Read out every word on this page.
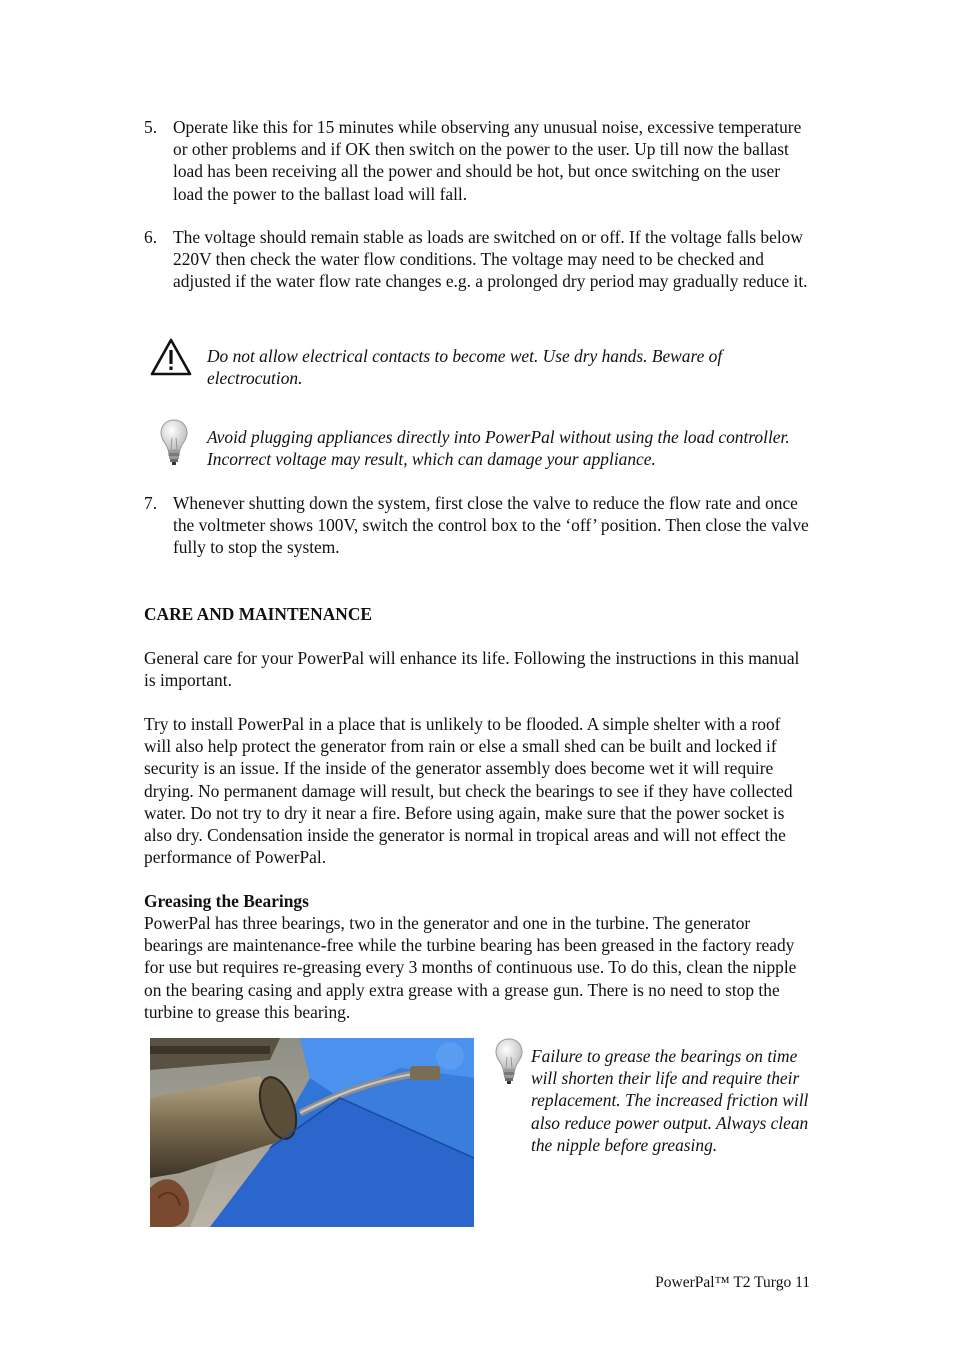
5. Operate like this for 15 minutes while observing any unusual noise, excessive temperature or other problems and if OK then switch on the power to the user. Up till now the ballast load has been receiving all the power and should be hot, but once switching on the user load the power to the ballast load will fall.

6. The voltage should remain stable as loads are switched on or off. If the voltage falls below 220V then check the water flow conditions. The voltage may need to be checked and adjusted if the water flow rate changes e.g. a prolonged dry period may gradually reduce it.

Do not allow electrical contacts to become wet. Use dry hands. Beware of electrocution.

Avoid plugging appliances directly into PowerPal without using the load controller. Incorrect voltage may result, which can damage your appliance.

7. Whenever shutting down the system, first close the valve to reduce the flow rate and once the voltmeter shows 100V, switch the control box to the ‘off’ position. Then close the valve fully to stop the system.

CARE AND MAINTENANCE

General care for your PowerPal will enhance its life. Following the instructions in this manual is important.

Try to install PowerPal in a place that is unlikely to be flooded. A simple shelter with a roof will also help protect the generator from rain or else a small shed can be built and locked if security is an issue. If the inside of the generator assembly does become wet it will require drying. No permanent damage will result, but check the bearings to see if they have collected water. Do not try to dry it near a fire. Before using again, make sure that the power socket is also dry. Condensation inside the generator is normal in tropical areas and will not effect the performance of PowerPal.

Greasing the Bearings

PowerPal has three bearings, two in the generator and one in the turbine. The generator bearings are maintenance-free while the turbine bearing has been greased in the factory ready for use but requires re-greasing every 3 months of continuous use. To do this, clean the nipple on the bearing casing and apply extra grease with a grease gun. There is no need to stop the turbine to grease this bearing.

Failure to grease the bearings on time will shorten their life and require their replacement. The increased friction will also reduce power output. Always clean the nipple before greasing.

PowerPal™ T2 Turgo 11
